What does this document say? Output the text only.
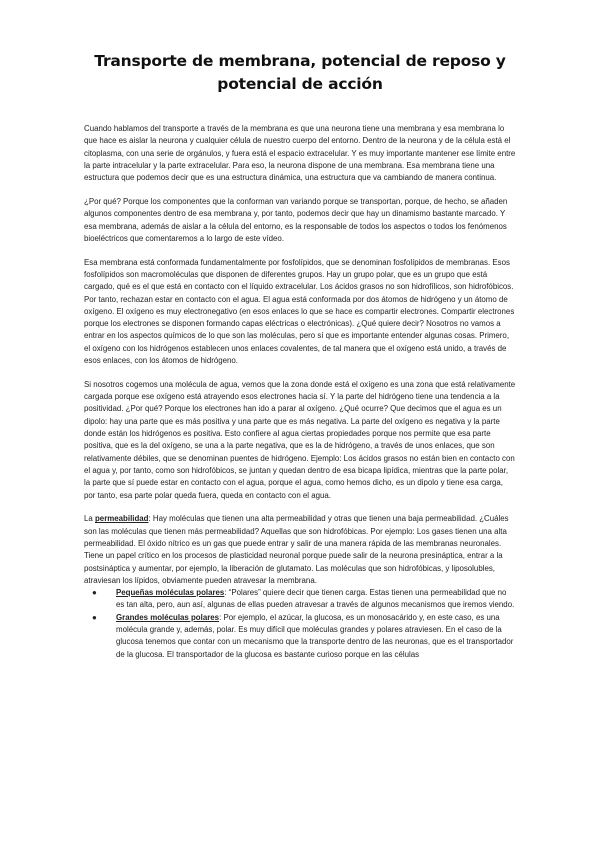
Transporte de membrana, potencial de reposo y potencial de acción

Cuando hablamos del transporte a través de la membrana es que una neurona tiene una membrana y esa membrana lo que hace es aislar la neurona y cualquier célula de nuestro cuerpo del entorno. Dentro de la neurona y de la célula está el citoplasma, con una serie de orgánulos, y fuera está el espacio extracelular. Y es muy importante mantener ese límite entre la parte intracelular y la parte extracelular. Para eso, la neurona dispone de una membrana. Esa membrana tiene una estructura que podemos decir que es una estructura dinámica, una estructura que va cambiando de manera continua.

¿Por qué? Porque los componentes que la conforman van variando porque se transportan, porque, de hecho, se añaden algunos componentes dentro de esa membrana y, por tanto, podemos decir que hay un dinamismo bastante marcado. Y esa membrana, además de aislar a la célula del entorno, es la responsable de todos los aspectos o todos los fenómenos bioeléctricos que comentaremos a lo largo de este vídeo.

Esa membrana está conformada fundamentalmente por fosfolípidos, que se denominan fosfolípidos de membranas. Esos fosfolípidos son macromoléculas que disponen de diferentes grupos. Hay un grupo polar, que es un grupo que está cargado, qué es el que está en contacto con el líquido extracelular. Los ácidos grasos no son hidrofílicos, son hidrofóbicos. Por tanto, rechazan estar en contacto con el agua. El agua está conformada por dos átomos de hidrógeno y un átomo de oxígeno. El oxígeno es muy electronegativo (en esos enlaces lo que se hace es compartir electrones. Compartir electrones porque los electrones se disponen formando capas eléctricas o electrónicas). ¿Qué quiere decir? Nosotros no vamos a entrar en los aspectos químicos de lo que son las moléculas, pero sí que es importante entender algunas cosas. Primero, el oxígeno con los hidrógenos establecen unos enlaces covalentes, de tal manera que el oxígeno está unido, a través de esos enlaces, con los átomos de hidrógeno.

Si nosotros cogemos una molécula de agua, vemos que la zona donde está el oxígeno es una zona que está relativamente cargada porque ese oxígeno está atrayendo esos electrones hacia sí. Y la parte del hidrógeno tiene una tendencia a la positividad. ¿Por qué? Porque los electrones han ido a parar al oxígeno. ¿Qué ocurre? Que decimos que el agua es un dipolo: hay una parte que es más positiva y una parte que es más negativa. La parte del oxígeno es negativa y la parte donde están los hidrógenos es positiva. Esto confiere al agua ciertas propiedades porque nos permite que esa parte positiva, que es la del oxígeno, se una a la parte negativa, que es la de hidrógeno, a través de unos enlaces, que son relativamente débiles, que se denominan puentes de hidrógeno. Ejemplo: Los ácidos grasos no están bien en contacto con el agua y, por tanto, como son hidrofóbicos, se juntan y quedan dentro de esa bicapa lipídica, mientras que la parte polar, la parte que sí puede estar en contacto con el agua, porque el agua, como hemos dicho, es un dipolo y tiene esa carga, por tanto, esa parte polar queda fuera, queda en contacto con el agua.

La permeabilidad: Hay moléculas que tienen una alta permeabilidad y otras que tienen una baja permeabilidad. ¿Cuáles son las moléculas que tienen más permeabilidad? Aquellas que son hidrofóbicas. Por ejemplo: Los gases tienen una alta permeabilidad. El óxido nítrico es un gas que puede entrar y salir de una manera rápida de las membranas neuronales. Tiene un papel crítico en los procesos de plasticidad neuronal porque puede salir de la neurona presináptica, entrar a la postsináptica y aumentar, por ejemplo, la liberación de glutamato. Las moléculas que son hidrofóbicas, y liposolubles, atraviesan los lípidos, obviamente pueden atravesar la membrana.

● Pequeñas moléculas polares: “Polares” quiere decir que tienen carga. Estas tienen una permeabilidad que no es tan alta, pero, aun así, algunas de ellas pueden atravesar a través de algunos mecanismos que iremos viendo.
● Grandes moléculas polares: Por ejemplo, el azúcar, la glucosa, es un monosacárido y, en este caso, es una molécula grande y, además, polar. Es muy difícil que moléculas grandes y polares atraviesen. En el caso de la glucosa tenemos que contar con un mecanismo que la transporte dentro de las neuronas, que es el transportador de la glucosa. El transportador de la glucosa es bastante curioso porque en las células
